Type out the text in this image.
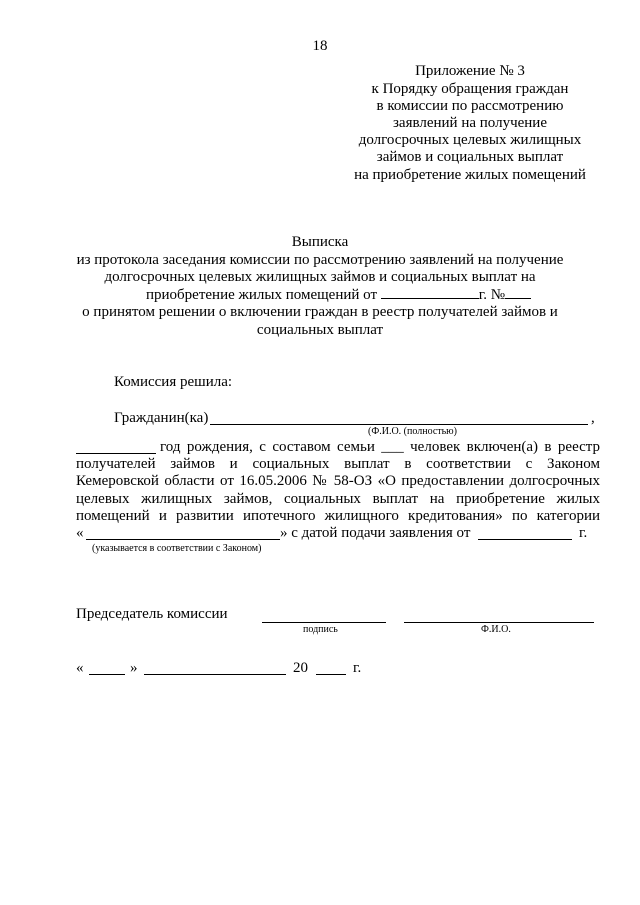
18
Приложение № 3
к Порядку обращения граждан
в комиссии по рассмотрению
заявлений на получение
долгосрочных целевых жилищных
займов и социальных выплат
на приобретение жилых помещений
Выписка
из протокола заседания комиссии по рассмотрению заявлений на получение
долгосрочных целевых жилищных займов и социальных выплат на
приобретение жилых помещений от	г. №
о принятом решении о включении граждан в реестр получателей займов и
социальных выплат
Комиссия решила:
Гражданин(ка)	,
(Ф.И.О. (полностью)
год рождения, с составом семьи ___ человек включен(а) в реестр
получателей займов и социальных выплат в соответствии с Законом
Кемеровской области от 16.05.2006 № 58-ОЗ «О предоставлении долгосрочных
целевых жилищных займов, социальных выплат на приобретение жилых
помещений и развитии ипотечного жилищного кредитования» по категории
«	» с датой подачи заявления от	г.
(указывается в соответствии с Законом)
Председатель комиссии
подпись	Ф.И.О.
«	»	20	г.
